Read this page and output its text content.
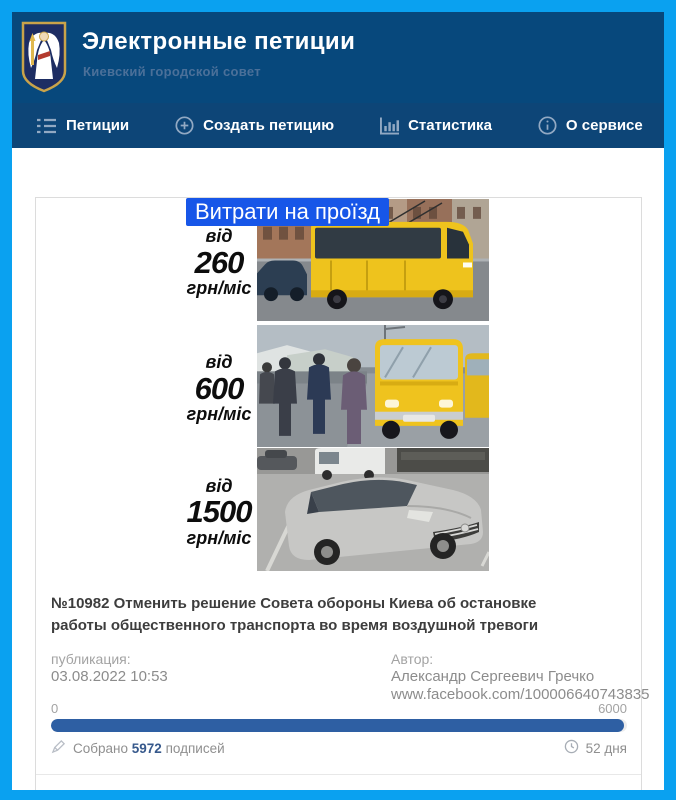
Электронные петиции
Киевский городской совет
Петиции	Создать петицию	Статистика	О сервисе
Витрати на проїзд
від
260
грн/міс
від
600
грн/міс
від
1500
грн/міс
№10982 Отменить решение Совета обороны Киева об остановке работы общественного транспорта во время воздушной тревоги
публикация:
03.08.2022 10:53
Автор:
Александр Сергеевич Гречко
www.facebook.com/100006640743835
0	6000
Собрано 5972 подписей	52 дня
